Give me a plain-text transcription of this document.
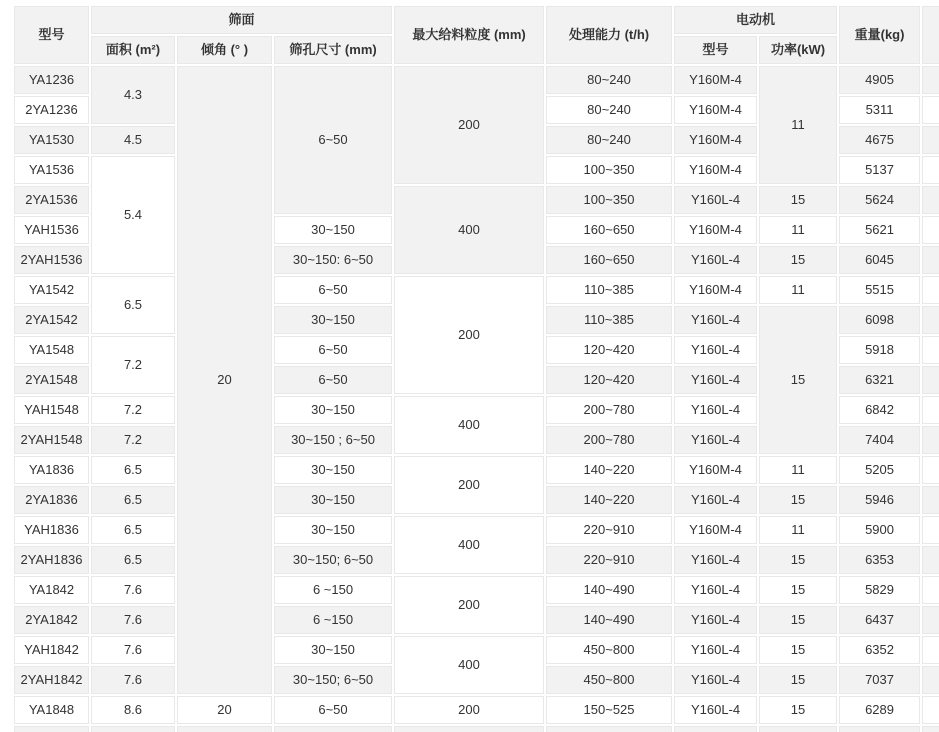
型号	筛面			最大给料粒度 (mm)	处理能力 (t/h)	电动机		重量(kg)	
	面积 (m²)	倾角 (° )	筛孔尺寸 (mm)			型号	功率(kW)		
YA1236	4.3	20	6~50	200	80~240	Y160M-4	11	4905	
2YA1236					80~240	Y160M-4		5311	
YA1530	4.5				80~240	Y160M-4		4675	
YA1536	5.4				100~350	Y160M-4		5137	
2YA1536				400	100~350	Y160L-4	15	5624	
YAH1536			30~150		160~650	Y160M-4	11	5621	
2YAH1536			30~150: 6~50		160~650	Y160L-4	15	6045	
YA1542	6.5		6~50	200	110~385	Y160M-4	11	5515	
2YA1542			30~150		110~385	Y160L-4	15	6098	
YA1548	7.2		6~50		120~420	Y160L-4		5918	
2YA1548			6~50		120~420	Y160L-4		6321	
YAH1548	7.2		30~150	400	200~780	Y160L-4		6842	
2YAH1548	7.2		30~150 ; 6~50		200~780	Y160L-4		7404	
YA1836	6.5		30~150	200	140~220	Y160M-4	11	5205	
2YA1836	6.5		30~150		140~220	Y160L-4	15	5946	
YAH1836	6.5		30~150	400	220~910	Y160M-4	11	5900	
2YAH1836	6.5		30~150; 6~50		220~910	Y160L-4	15	6353	
YA1842	7.6		6 ~150	200	140~490	Y160L-4	15	5829	
2YA1842	7.6		6 ~150		140~490	Y160L-4	15	6437	
YAH1842	7.6		30~150	400	450~800	Y160L-4	15	6352	
2YAH1842	7.6		30~150; 6~50		450~800	Y160L-4	15	7037	
YA1848	8.6	20	6~50	200	150~525	Y160L-4	15	6289	
